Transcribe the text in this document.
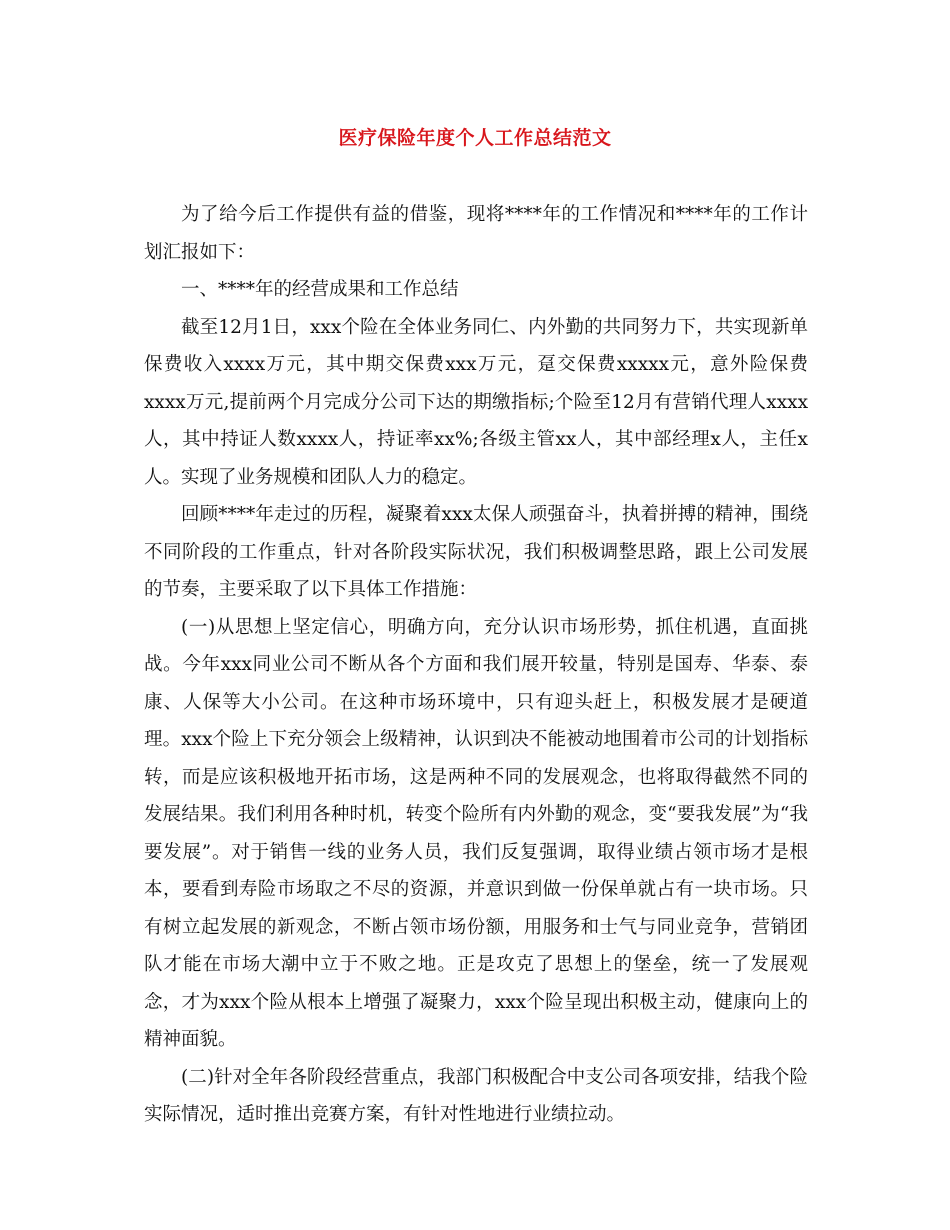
医疗保险年度个人工作总结范文

为了给今后工作提供有益的借鉴，现将****年的工作情况和****年的工作计划汇报如下：

一、****年的经营成果和工作总结

截至12月1日，xxx个险在全体业务同仁、内外勤的共同努力下，共实现新单保费收入xxxx万元，其中期交保费xxx万元，趸交保费xxxxx元，意外险保费xxxx万元,提前两个月完成分公司下达的期缴指标;个险至12月有营销代理人xxxx人，其中持证人数xxxx人，持证率xx%;各级主管xx人，其中部经理x人，主任x人。实现了业务规模和团队人力的稳定。

回顾****年走过的历程，凝聚着xxx太保人顽强奋斗，执着拼搏的精神，围绕不同阶段的工作重点，针对各阶段实际状况，我们积极调整思路，跟上公司发展的节奏，主要采取了以下具体工作措施：

(一)从思想上坚定信心，明确方向，充分认识市场形势，抓住机遇，直面挑战。今年xxx同业公司不断从各个方面和我们展开较量，特别是国寿、华泰、泰康、人保等大小公司。在这种市场环境中，只有迎头赶上，积极发展才是硬道理。xxx个险上下充分领会上级精神，认识到决不能被动地围着市公司的计划指标转，而是应该积极地开拓市场，这是两种不同的发展观念，也将取得截然不同的发展结果。我们利用各种时机，转变个险所有内外勤的观念，变“要我发展”为“我要发展”。对于销售一线的业务人员，我们反复强调，取得业绩占领市场才是根本，要看到寿险市场取之不尽的资源，并意识到做一份保单就占有一块市场。只有树立起发展的新观念，不断占领市场份额，用服务和士气与同业竞争，营销团队才能在市场大潮中立于不败之地。正是攻克了思想上的堡垒，统一了发展观念，才为xxx个险从根本上增强了凝聚力，xxx个险呈现出积极主动，健康向上的精神面貌。

(二)针对全年各阶段经营重点，我部门积极配合中支公司各项安排，结我个险实际情况，适时推出竞赛方案，有针对性地进行业绩拉动。
